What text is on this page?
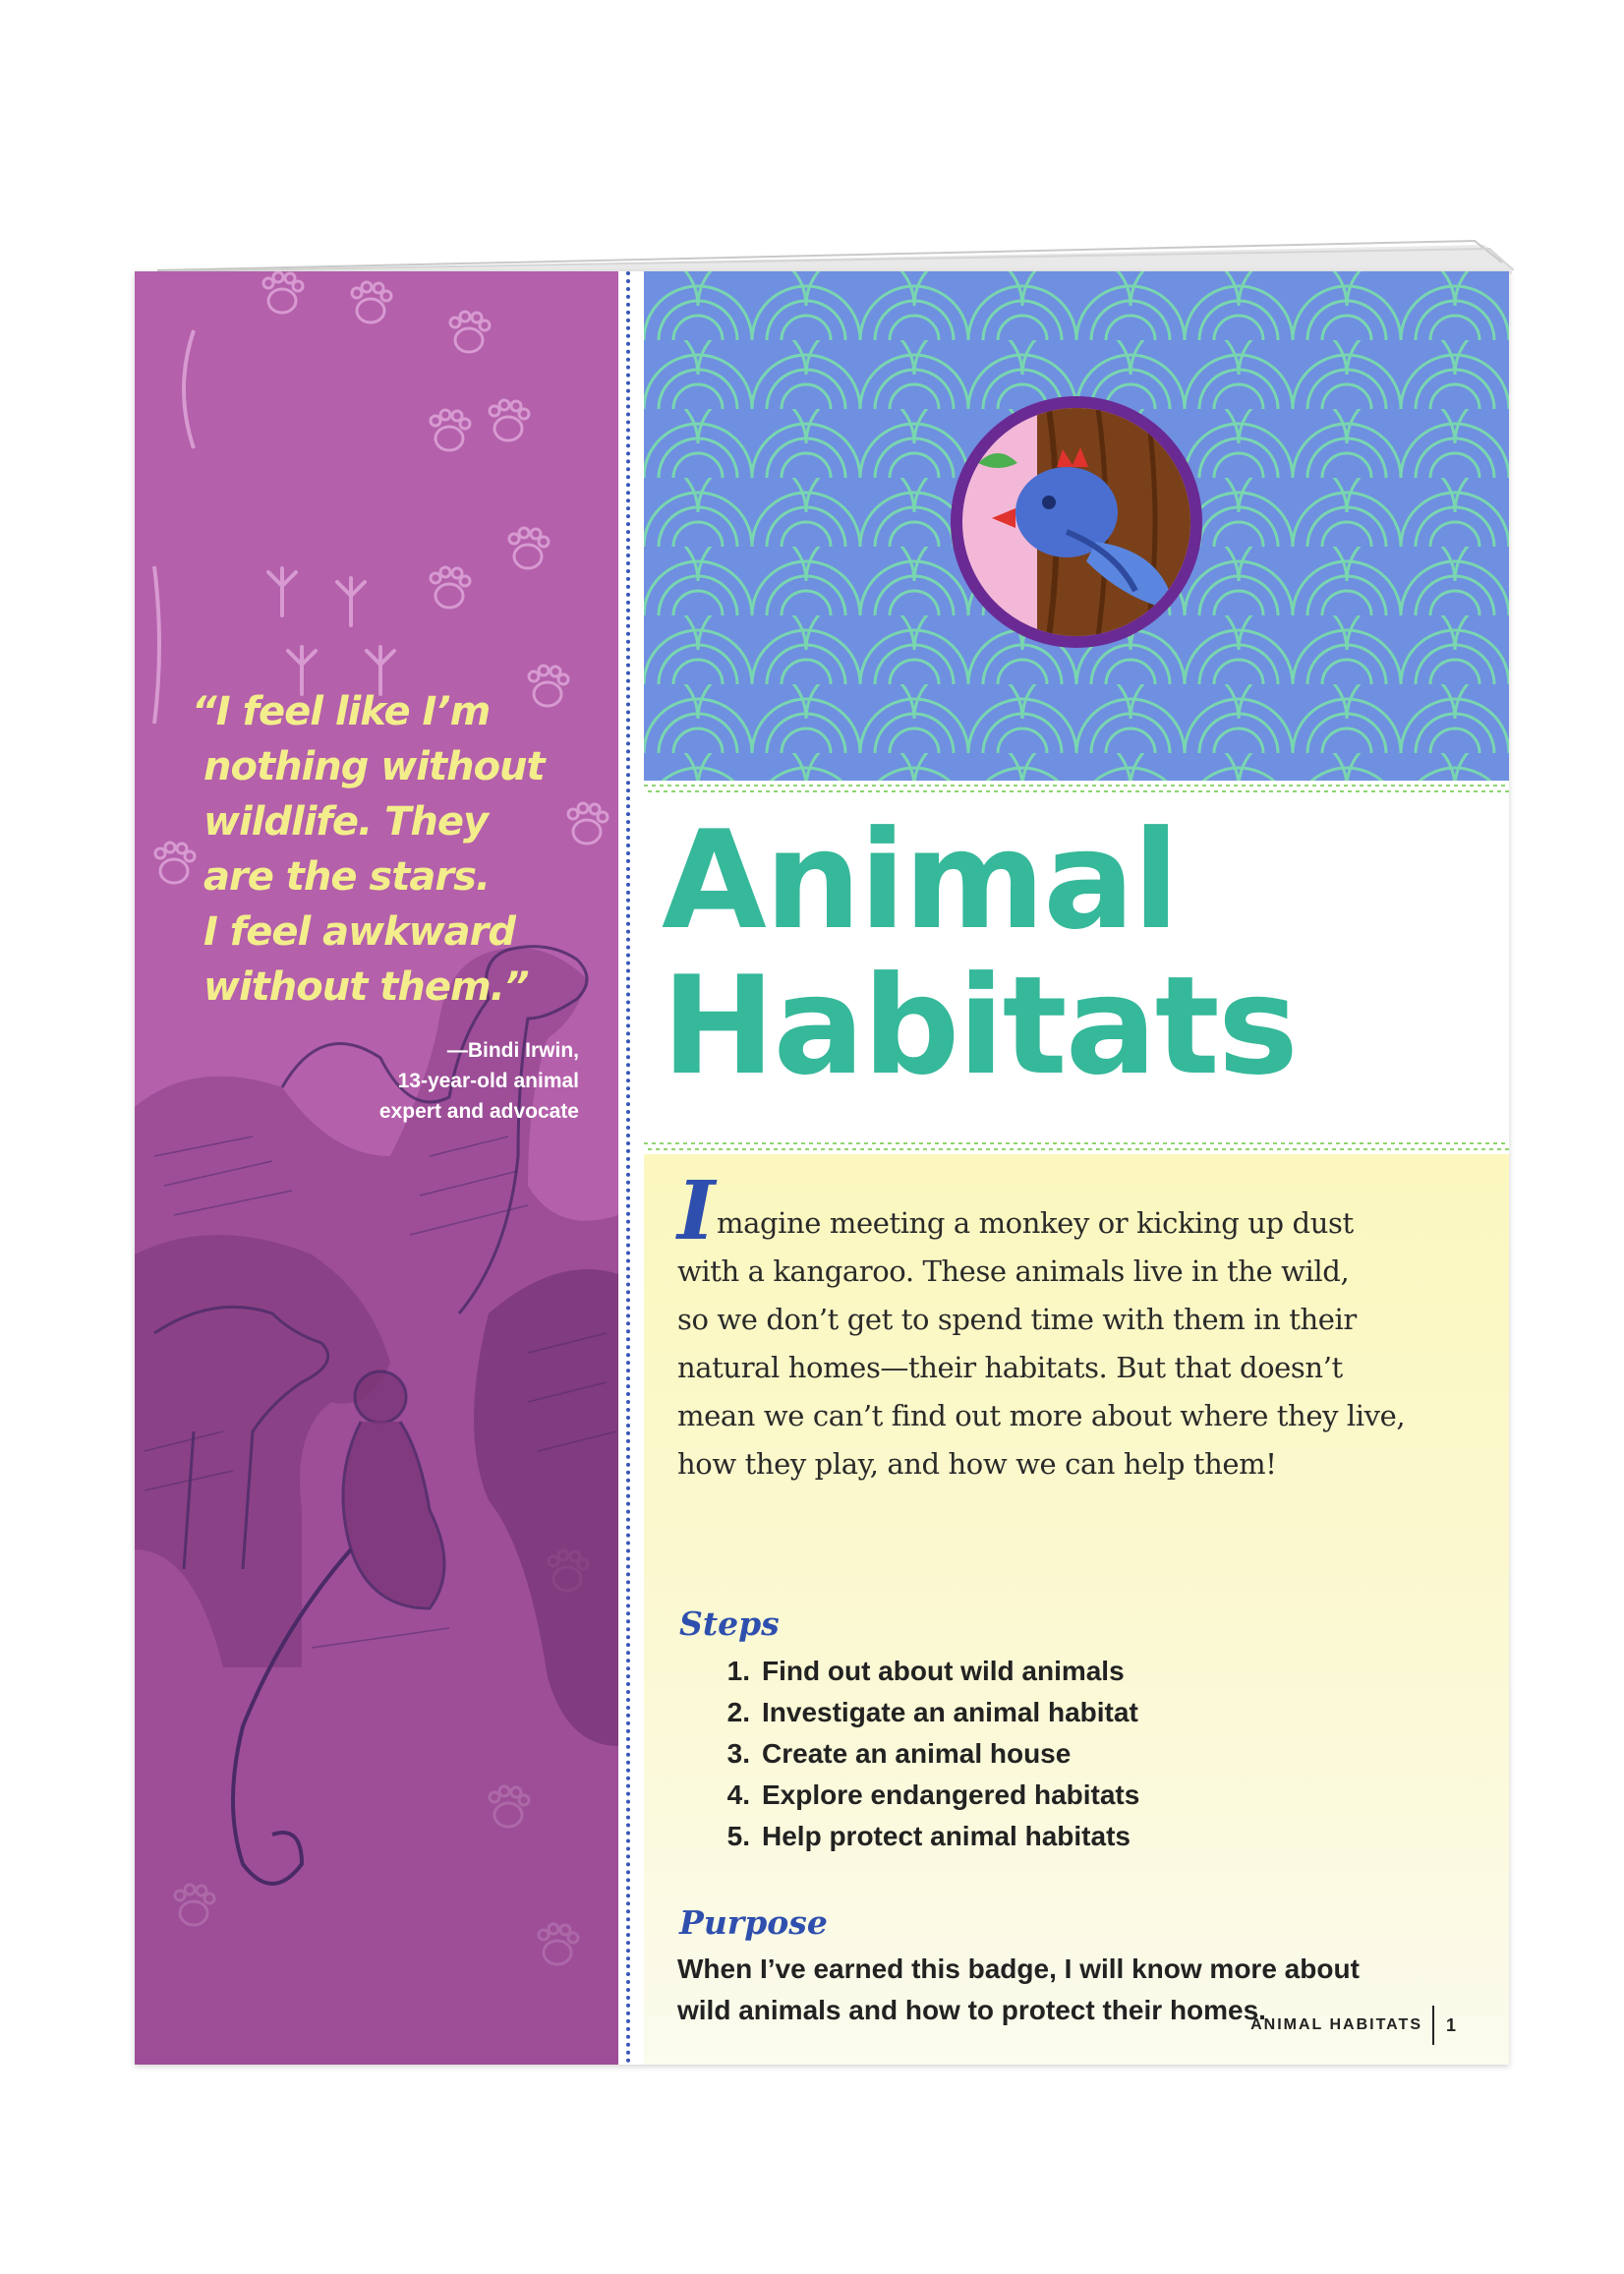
“I feel like I’m
nothing without
wildlife. They
are the stars.
I feel awkward
without them.”
—Bindi Irwin,
13-year-old animal
expert and advocate
Animal
Habitats
Imagine meeting a monkey or kicking up dust
with a kangaroo. These animals live in the wild,
so we don’t get to spend time with them in their
natural homes—their habitats. But that doesn’t
mean we can’t find out more about where they live,
how they play, and how we can help them!
Steps
1. Find out about wild animals
2. Investigate an animal habitat
3. Create an animal house
4. Explore endangered habitats
5. Help protect animal habitats
Purpose
When I’ve earned this badge, I will know more about
wild animals and how to protect their homes.
ANIMAL HABITATS 1
